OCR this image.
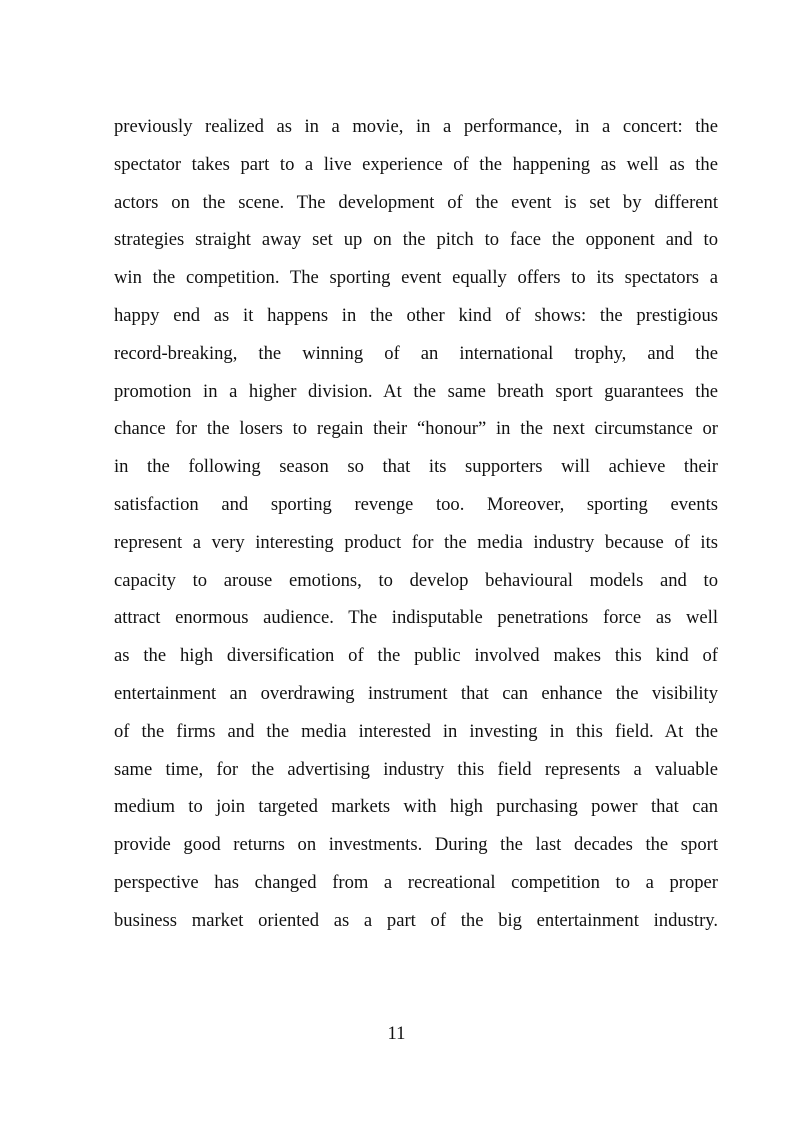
previously realized as in a movie, in a performance, in a concert: the
spectator takes part to a live experience of the happening as well as the
actors on the scene. The development of the event is set by different
strategies straight away set up on the pitch to face the opponent and to
win the competition. The sporting event equally offers to its spectators a
happy end as it happens in the other kind of shows: the prestigious
record-breaking, the winning of an international trophy, and the
promotion in a higher division. At the same breath sport guarantees the
chance for the losers to regain their “honour” in the next circumstance or
in the following season so that its supporters will achieve their
satisfaction and sporting revenge too. Moreover, sporting events
represent a very interesting product for the media industry because of its
capacity to arouse emotions, to develop behavioural models and to
attract enormous audience. The indisputable penetrations force as well
as the high diversification of the public involved makes this kind of
entertainment an overdrawing instrument that can enhance the visibility
of the firms and the media interested in investing in this field. At the
same time, for the advertising industry this field represents a valuable
medium to join targeted markets with high purchasing power that can
provide good returns on investments. During the last decades the sport
perspective has changed from a recreational competition to a proper
business market oriented as a part of the big entertainment industry.

11
